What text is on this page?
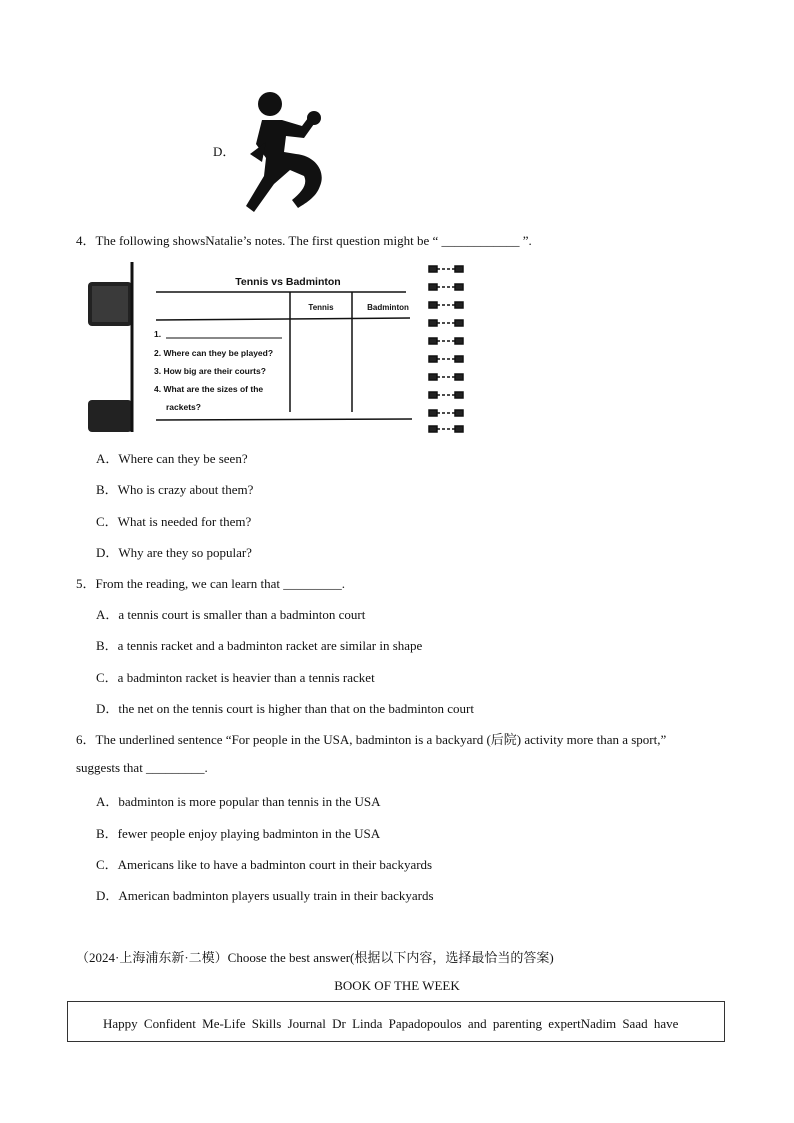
D．
4．The following showsNatalie’s notes. The first question might be “ ____________ ”.
Tennis vs Badminton
Tennis	Badminton
1.
2. Where can they be played?
3. How big are their courts?
4. What are the sizes of the
rackets?
A．Where can they be seen?
B．Who is crazy about them?
C．What is needed for them?
D．Why are they so popular?
5．From the reading, we can learn that _________.
A．a tennis court is smaller than a badminton court
B．a tennis racket and a badminton racket are similar in shape
C．a badminton racket is heavier than a tennis racket
D．the net on the tennis court is higher than that on the badminton court
6．The underlined sentence “For people in the USA, badminton is a backyard (后院) activity more than a sport,”
suggests that _________.
A．badminton is more popular than tennis in the USA
B．fewer people enjoy playing badminton in the USA
C．Americans like to have a badminton court in their backyards
D．American badminton players usually train in their backyards
（2024·上海浦东新·二模）Choose the best answer(根据以下内容，选择最恰当的答案)
BOOK OF THE WEEK
Happy Confident Me-Life Skills Journal Dr Linda Papadopoulos and parenting expertNadim Saad have
